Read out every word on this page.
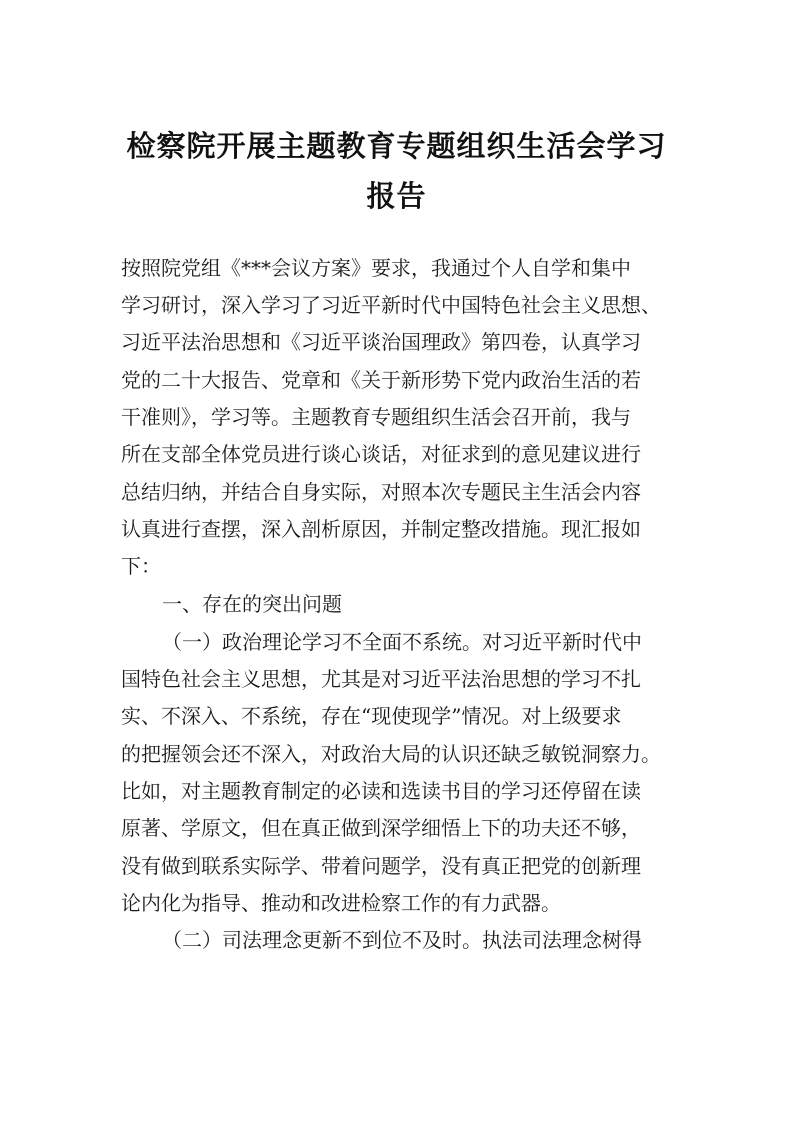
检察院开展主题教育专题组织生活会学习
报告
按照院党组《***会议方案》要求，我通过个人自学和集中
学习研讨，深入学习了习近平新时代中国特色社会主义思想、
习近平法治思想和《习近平谈治国理政》第四卷，认真学习
党的二十大报告、党章和《关于新形势下党内政治生活的若
干准则》，学习等。主题教育专题组织生活会召开前，我与
所在支部全体党员进行谈心谈话，对征求到的意见建议进行
总结归纳，并结合自身实际，对照本次专题民主生活会内容
认真进行查摆，深入剖析原因，并制定整改措施。现汇报如
下：
一、存在的突出问题
（一）政治理论学习不全面不系统。对习近平新时代中
国特色社会主义思想，尤其是对习近平法治思想的学习不扎
实、不深入、不系统，存在“现使现学”情况。对上级要求
的把握领会还不深入，对政治大局的认识还缺乏敏锐洞察力。
比如，对主题教育制定的必读和选读书目的学习还停留在读
原著、学原文，但在真正做到深学细悟上下的功夫还不够，
没有做到联系实际学、带着问题学，没有真正把党的创新理
论内化为指导、推动和改进检察工作的有力武器。
（二）司法理念更新不到位不及时。执法司法理念树得
